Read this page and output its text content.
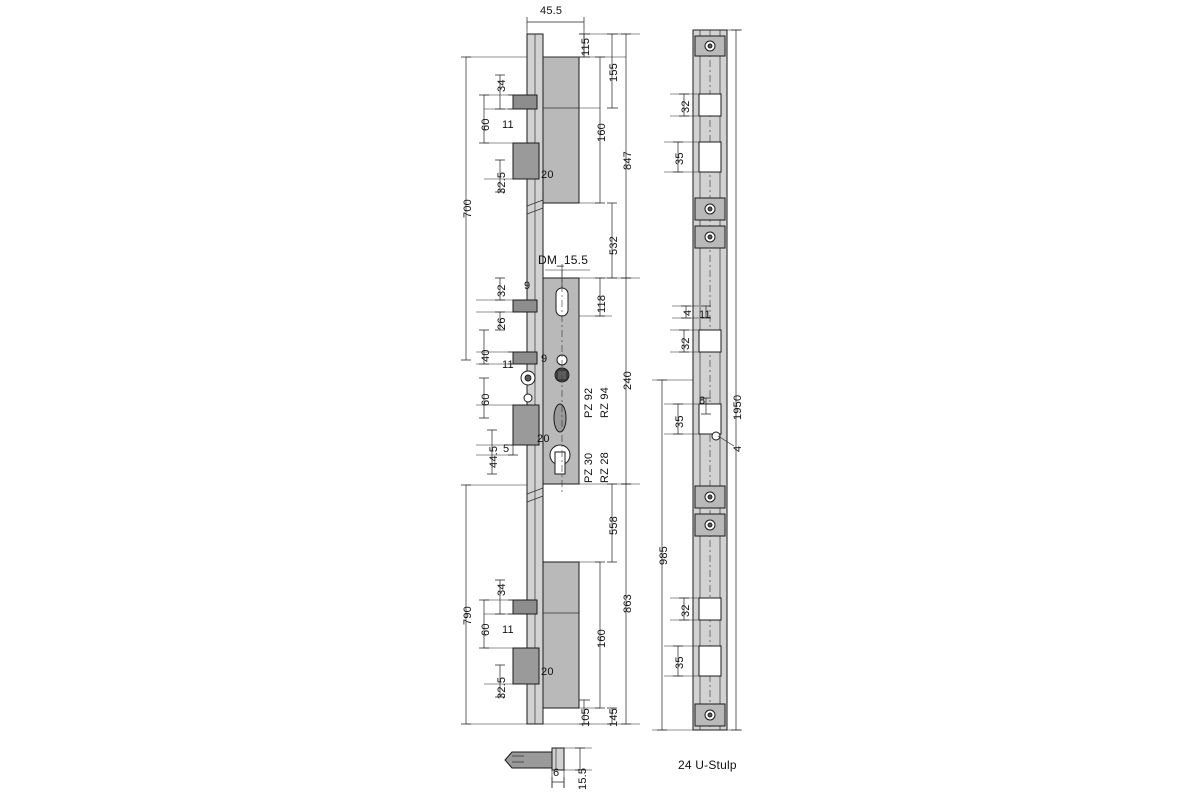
45.5
155
847
532
240
558
863
145
115
160
118
160
105
700
790
34
60 11
32.5
32
26
40
11
60
44.5 5
34
60 11
32.5
20
9
9
20
20
DM_15.5
PZ 92 RZ 94
PZ 30 RZ 28
32
35
4
32
35
32
35
11
8 1950
985
4
24 U-Stulp
6 15.5
